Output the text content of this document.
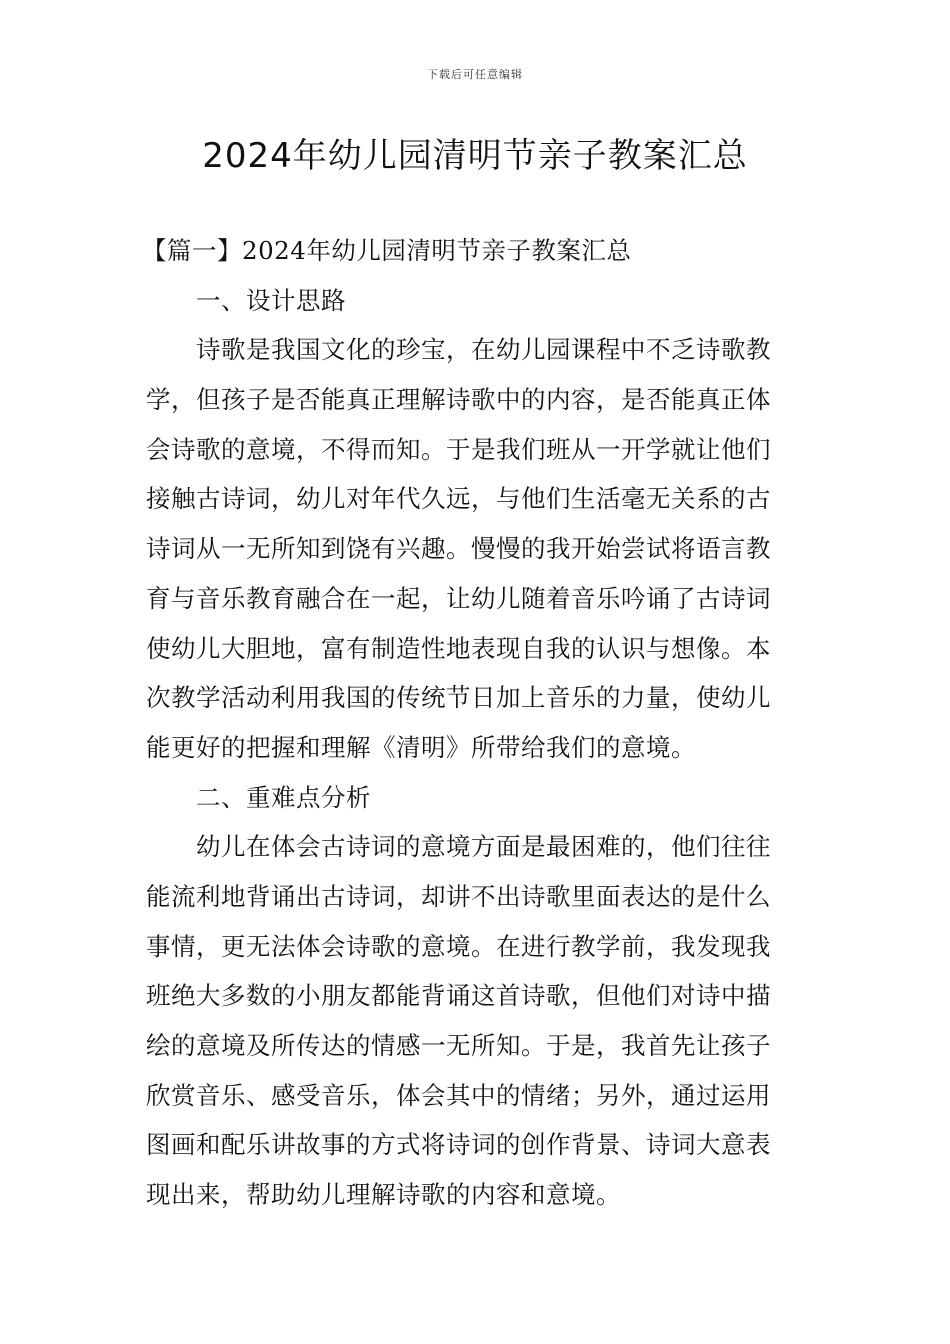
下载后可任意编辑
2024年幼儿园清明节亲子教案汇总
【篇一】2024年幼儿园清明节亲子教案汇总
一、设计思路
诗歌是我国文化的珍宝，在幼儿园课程中不乏诗歌教
学，但孩子是否能真正理解诗歌中的内容，是否能真正体
会诗歌的意境，不得而知。于是我们班从一开学就让他们
接触古诗词，幼儿对年代久远，与他们生活毫无关系的古
诗词从一无所知到饶有兴趣。慢慢的我开始尝试将语言教
育与音乐教育融合在一起，让幼儿随着音乐吟诵了古诗词
使幼儿大胆地，富有制造性地表现自我的认识与想像。本
次教学活动利用我国的传统节日加上音乐的力量，使幼儿
能更好的把握和理解《清明》所带给我们的意境。
二、重难点分析
幼儿在体会古诗词的意境方面是最困难的，他们往往
能流利地背诵出古诗词，却讲不出诗歌里面表达的是什么
事情，更无法体会诗歌的意境。在进行教学前，我发现我
班绝大多数的小朋友都能背诵这首诗歌，但他们对诗中描
绘的意境及所传达的情感一无所知。于是，我首先让孩子
欣赏音乐、感受音乐，体会其中的情绪；另外，通过运用
图画和配乐讲故事的方式将诗词的创作背景、诗词大意表
现出来，帮助幼儿理解诗歌的内容和意境。
